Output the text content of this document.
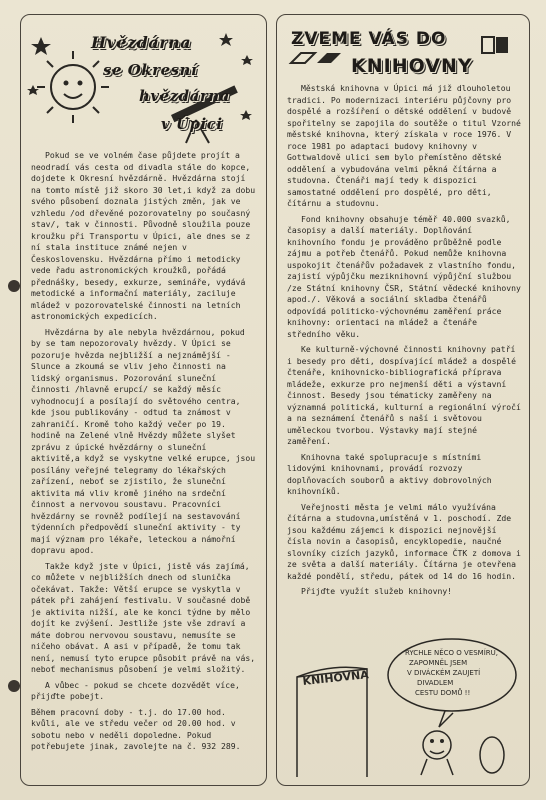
Hvězdárna
se Okresní
hvězdárna
v Úpici

Pokud se ve volném čase půjdete projít a neodradí vás cesta od divadla stále do kopce, dojdete k Okresní hvězdárně. Hvězdárna stojí na tomto místě již skoro 30 let,i když za dobu svého působení doznala jistých změn, jak ve vzhledu /od dřevěné pozorovatelny po současný stav/, tak v činnosti. Původně sloužila pouze kroužku při Transportu v Úpici, ale dnes se z ní stala instituce známé nejen v Československu. Hvězdárna přímo i metodicky vede řadu astronomických kroužků, pořádá přednášky, besedy, exkurze, semináře, vydává metodické a informační materiály, zaciluje mládež v pozorovatelské činnosti na letních astronomických expedicích.

Hvězdárna by ale nebyla hvězdárnou, pokud by se tam nepozorovaly hvězdy. V Úpici se pozoruje hvězda nejbližší a nejznámější - Slunce a zkoumá se vliv jeho činnosti na lidský organismus. Pozorování sluneční činnosti /hlavně erupcí/ se každý měsíc vyhodnocují a posílají do světového centra, kde jsou publikovány - odtud ta známost v zahraničí. Kromě toho každý večer po 19. hodině na Zelené vlně Hvězdy můžete slyšet zprávu z úpické hvězdárny o sluneční aktivitě,a když se vyskytne velké erupce, jsou posílány veřejné telegramy do lékařských zařízení, neboť se zjistilo, že sluneční aktivita má vliv kromě jiného na srdeční činnost a nervovou soustavu. Pracovníci hvězdárny se rovněž podílejí na sestavování týdenních předpovědí sluneční aktivity - ty mají význam pro lékaře, leteckou a námořní dopravu apod.

Takže když jste v Úpici, jistě vás zajímá, co můžete v nejbližších dnech od slunička očekávat. Takže: Větší erupce se vyskytla v pátek při zahájení festivalu. V současné době je aktivita nižší, ale ke konci týdne by mělo dojít ke zvýšení. Jestliže jste vše zdraví a máte dobrou nervovou soustavu, nemusíte se ničeho obávat. A asi v případě, že tomu tak není, nemusí tyto erupce působit právě na vás, neboť mechanismus působení je velmi složitý.

A vůbec - pokud se chcete dozvědět více, přijďte pobejt.

Během pracovní doby - t.j. do 17.00 hod. kvůli, ale ve středu večer od 20.00 hod. v sobotu nebo v neděli dopoledne. Pokud potřebujete jinak, zavolejte na č. 932 289.

ZVEME VÁS DO
KNIHOVNY

Městská knihovna v Úpici má již dlouholetou tradici. Po modernizaci interiéru půjčovny pro dospělé a rozšíření o dětské oddělení v budově spořitelny se zapojila do soutěže o titul Vzorné městské knihovna, který získala v roce 1976. V roce 1981 po adaptaci budovy knihovny v Gottwaldově ulici sem bylo přemístěno dětské oddělení a vybudována velmi pěkná čítárna a studovna. Čtenáři mají tedy k dispozici samostatné oddělení pro dospělé, pro děti, čítárnu a studovnu.

Fond knihovny obsahuje téměř 40.000 svazků, časopisy a další materiály. Doplňování knihovního fondu je prováděno průběžně podle zájmu a potřeb čtenářů. Pokud nemůže knihovna uspokojit čtenářův požadavek z vlastního fondu, zajistí výpůjčku meziknihovní výpůjční službou /ze Státní knihovny ČSR, Státní vědecké knihovny apod./. Věková a sociální skladba čtenářů odpovídá politicko-výchovnému zaměření práce knihovny: orientaci na mládež a čtenáře středního věku.

Ke kulturně-výchovné činnosti knihovny patří i besedy pro děti, dospívající mládež a dospělé čtenáře, knihovnicko-bibliografická příprava mládeže, exkurze pro nejmenší děti a výstavní činnost. Besedy jsou tématicky zaměřeny na významná politická, kulturní a regionální výročí a na seznámení čtenářů s naší i světovou uměleckou tvorbou. Výstavky mají stejné zaměření.

Knihovna také spolupracuje s místními lidovými knihovnami, provádí rozvozy doplňovacích souborů a aktivy dobrovolných knihovníků.

Veřejnosti města je velmi málo využívána čítárna a studovna,umístěná v 1. poschodí. Zde jsou každému zájemci k dispozici nejnovější čísla novin a časopisů, encyklopedie, naučné slovníky cizích jazyků, informace ČTK z domova i ze světa a další materiály. Čítárna je otevřena každé pondělí, středu, pátek od 14 do 16 hodin.

Přijďte využít služeb knihovny!

KNIHOVNA
RYCHLE NĚCO O VESMÍRU, ZAPOMNĚL JSEM V DIVÁCKÉM ZAUJETÍ DIVADLEM CESTU DOMŮ !!
